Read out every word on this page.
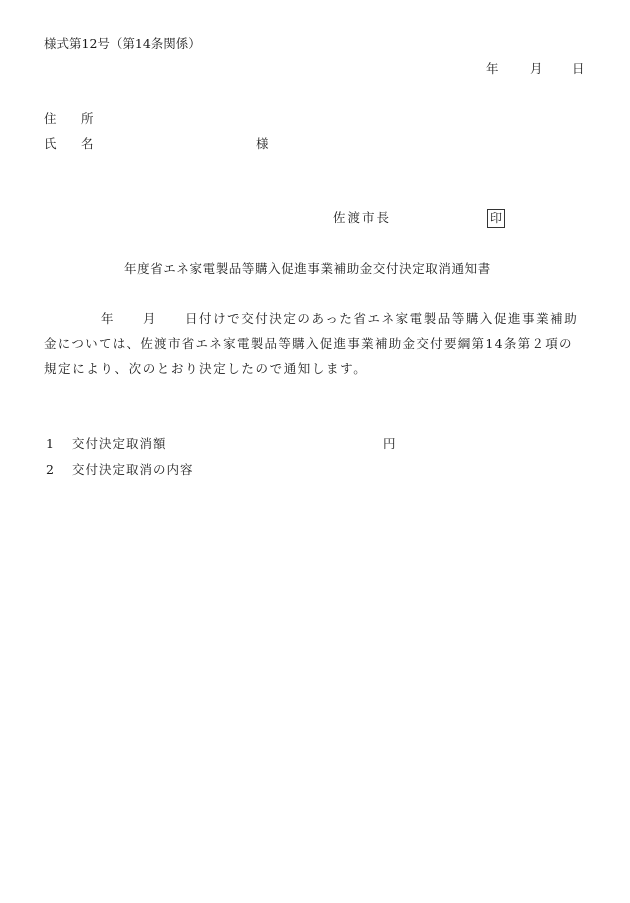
様式第12号（第14条関係）
年	月 日
住　所
氏　名	様
佐渡市長	印
年度省エネ家電製品等購入促進事業補助金交付決定取消通知書
年 月 日付けで交付決定のあった省エネ家電製品等購入促進事業補助
金については、佐渡市省エネ家電製品等購入促進事業補助金交付要綱第14条第２項の
規定により、次のとおり決定したので通知します。
1 交付決定取消額	円
2 交付決定取消の内容
